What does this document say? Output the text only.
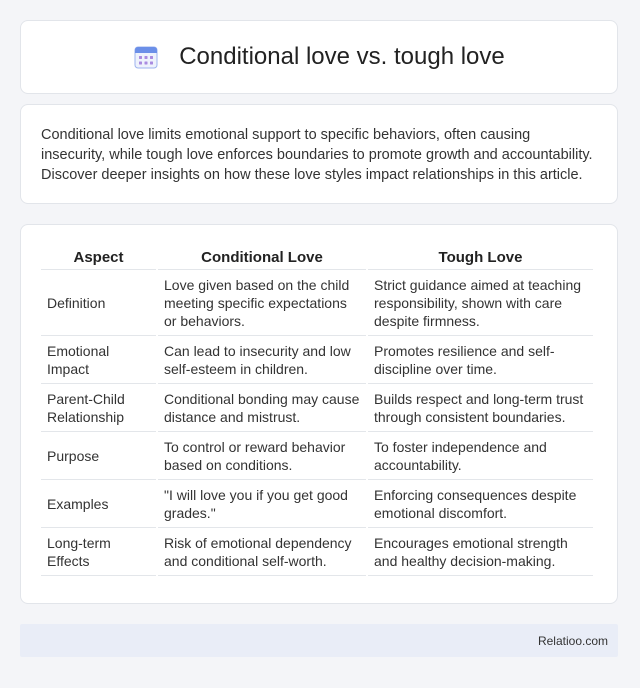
Conditional love vs. tough love

Conditional love limits emotional support to specific behaviors, often causing insecurity, while tough love enforces boundaries to promote growth and accountability. Discover deeper insights on how these love styles impact relationships in this article.

Aspect	Conditional Love	Tough Love
Definition	Love given based on the child meeting specific expectations or behaviors.	Strict guidance aimed at teaching responsibility, shown with care despite firmness.
Emotional Impact	Can lead to insecurity and low self-esteem in children.	Promotes resilience and self-discipline over time.
Parent-Child Relationship	Conditional bonding may cause distance and mistrust.	Builds respect and long-term trust through consistent boundaries.
Purpose	To control or reward behavior based on conditions.	To foster independence and accountability.
Examples	"I will love you if you get good grades."	Enforcing consequences despite emotional discomfort.
Long-term Effects	Risk of emotional dependency and conditional self-worth.	Encourages emotional strength and healthy decision-making.
Relatioo.com
